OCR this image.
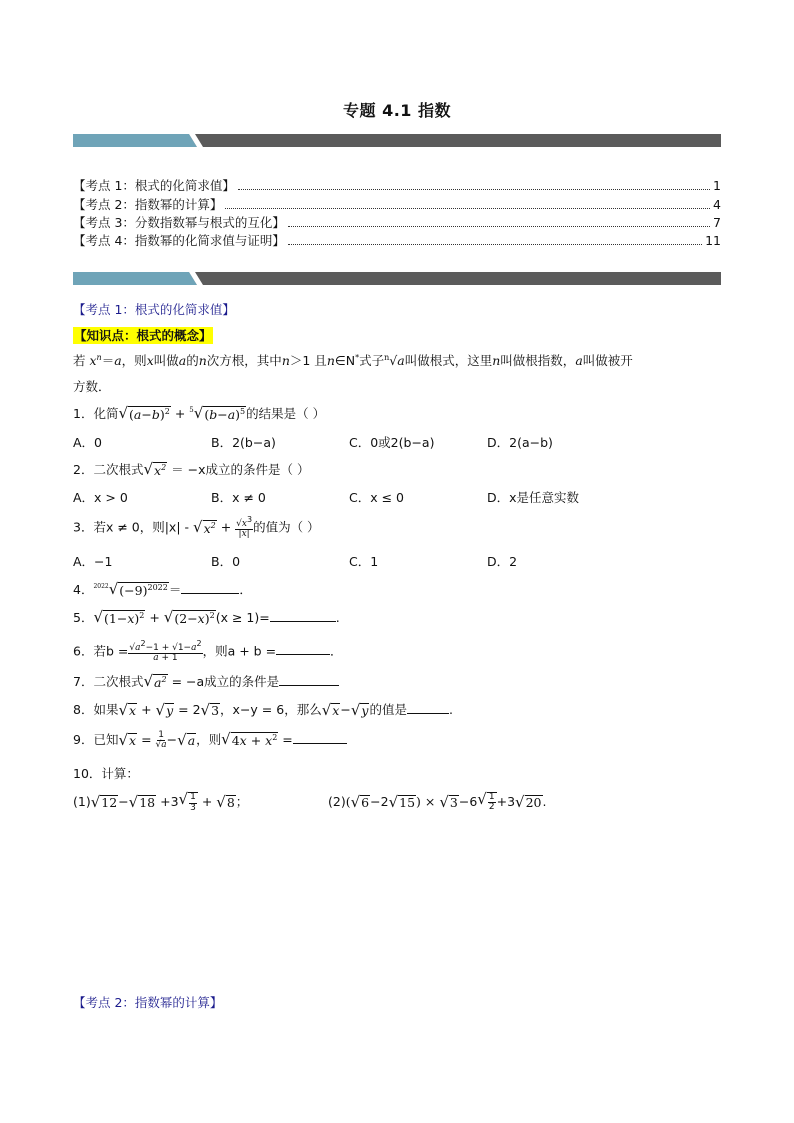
专题 4.1 指数
【考点 1：根式的化简求值】	1
【考点 2：指数幂的计算】	4
【考点 3：分数指数幂与根式的互化】	7
【考点 4：指数幂的化简求值与证明】	11
【考点 1：根式的化简求值】
【知识点：根式的概念】
若 $x^n=a$，则x叫做a的n次方根，其中n＞1 且n∈N*式子$^n$√a叫做根式，这里n叫做根指数，a叫做被开
方数．
1．化简 √ $(a-b)^2 + ^5√$ $(b-a)^5$ 的结果是（ ）
A．0	B．2(b−a)	C．0或2(b−a)	D．2(a−b)
2．二次根式 √ $x^2 = -x$成立的条件是（ ）
A．x > 0	B．x ≠ 0	C．x ≤ 0	D．x是任意实数
3．若x ≠ 0，则|x| - √ $x^2 + \frac{√x^3}{|x|}$ 的值为（ ）
A．−1	B．0	C．1	D．2
4． $^{2022}$√ $(-9)^{2022}$ ＝	．
5． √ $(1-x)^2$ + √ $(2-x)^2$ (x ≥ 1)=	.
6．若$b = \frac{√a^2-1 + √1-a^2}{a + 1}$ ，则a + b =	．
7．二次根式 √ $a^2 = -a$成立的条件是
8．如果 √ x + √ y = 2 √ 3 ，x−y = 6，那么 √ x − √ y 的值是	.
9．已知 √ $x = \frac{1}{√a}$ − √ a ，则 √ $4x + x^2$ =
10．计算：
(1) √ 12 − √ 18 +3 √ $\frac{1}{3}$ + √ 8 ；	(2)( √ 6 −2 √ 15 ) × √ 3 −6 √ $\frac{1}{2} +3$ √ 20 .
【考点 2：指数幂的计算】
